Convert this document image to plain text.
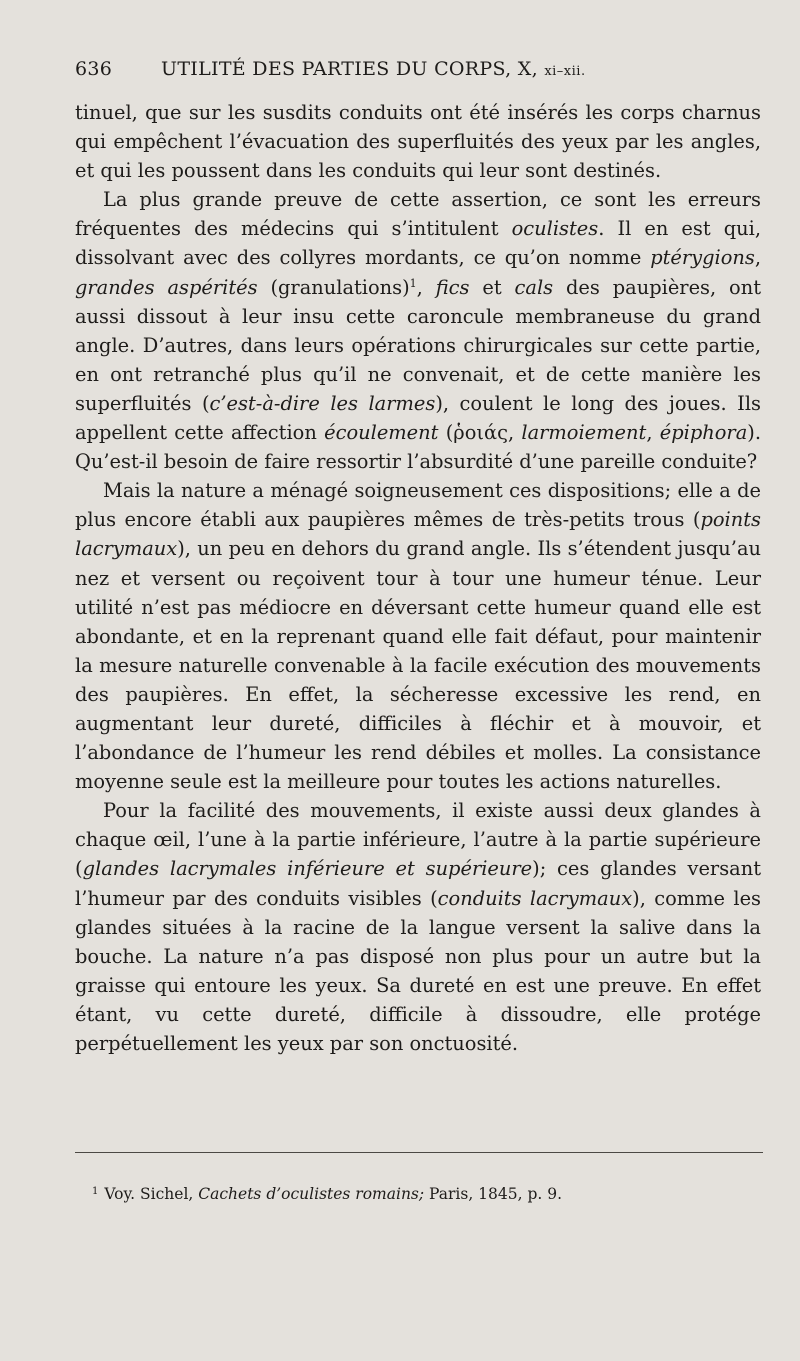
636	UTILITÉ DES PARTIES DU CORPS, X, xi–xii.

tinuel, que sur les susdits conduits ont été insérés les corps charnus qui empêchent l’évacuation des superfluités des yeux par les angles, et qui les poussent dans les conduits qui leur sont destinés.

La plus grande preuve de cette assertion, ce sont les erreurs fréquentes des médecins qui s’intitulent oculistes. Il en est qui, dissolvant avec des collyres mordants, ce qu’on nomme ptérygions, grandes aspérités (granulations)$^1$, fics et cals des paupières, ont aussi dissout à leur insu cette caroncule membraneuse du grand angle. D’autres, dans leurs opérations chirurgicales sur cette partie, en ont retranché plus qu’il ne convenait, et de cette manière les superfluités (c’est-à-dire les larmes), coulent le long des joues. Ils appellent cette affection écoulement (ῥοιάς, larmoiement, épiphora). Qu’est-il besoin de faire ressortir l’absurdité d’une pareille conduite?

Mais la nature a ménagé soigneusement ces dispositions; elle a de plus encore établi aux paupières mêmes de très-petits trous (points lacrymaux), un peu en dehors du grand angle. Ils s’étendent jusqu’au nez et versent ou reçoivent tour à tour une humeur ténue. Leur utilité n’est pas médiocre en déversant cette humeur quand elle est abondante, et en la reprenant quand elle fait défaut, pour maintenir la mesure naturelle convenable à la facile exécution des mouvements des paupières. En effet, la sécheresse excessive les rend, en augmentant leur dureté, difficiles à fléchir et à mouvoir, et l’abondance de l’humeur les rend débiles et molles. La consistance moyenne seule est la meilleure pour toutes les actions naturelles.

Pour la facilité des mouvements, il existe aussi deux glandes à chaque œil, l’une à la partie inférieure, l’autre à la partie supérieure (glandes lacrymales inférieure et supérieure); ces glandes versant l’humeur par des conduits visibles (conduits lacrymaux), comme les glandes situées à la racine de la langue versent la salive dans la bouche. La nature n’a pas disposé non plus pour un autre but la graisse qui entoure les yeux. Sa dureté en est une preuve. En effet étant, vu cette dureté, difficile à dissoudre, elle protége perpétuellement les yeux par son onctuosité.

$^1$ Voy. Sichel, Cachets d’oculistes romains; Paris, 1845, p. 9.
